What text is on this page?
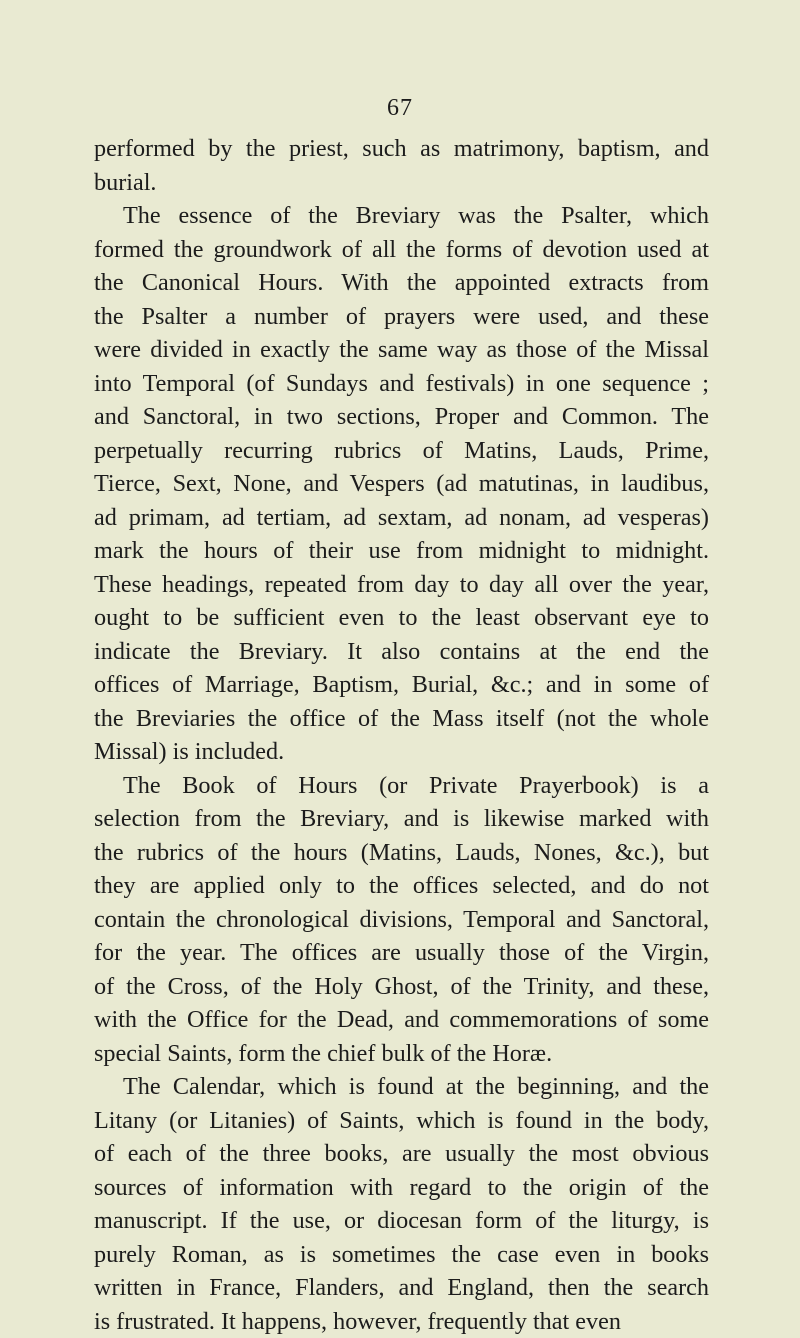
67
performed by the priest, such as matrimony, baptism, and
burial.
The essence of the Breviary was the Psalter, which
formed the groundwork of all the forms of devotion used at
the Canonical Hours. With the appointed extracts from
the Psalter a number of prayers were used, and these
were divided in exactly the same way as those of the Missal
into Temporal (of Sundays and festivals) in one sequence ;
and Sanctoral, in two sections, Proper and Common. The
perpetually recurring rubrics of Matins, Lauds, Prime,
Tierce, Sext, None, and Vespers (ad matutinas, in laudibus,
ad primam, ad tertiam, ad sextam, ad nonam, ad vesperas)
mark the hours of their use from midnight to midnight.
These headings, repeated from day to day all over the year,
ought to be sufficient even to the least observant eye to
indicate the Breviary. It also contains at the end the
offices of Marriage, Baptism, Burial, &c.; and in some of
the Breviaries the office of the Mass itself (not the whole
Missal) is included.
The Book of Hours (or Private Prayerbook) is a
selection from the Breviary, and is likewise marked with
the rubrics of the hours (Matins, Lauds, Nones, &c.), but
they are applied only to the offices selected, and do not
contain the chronological divisions, Temporal and Sanctoral,
for the year. The offices are usually those of the Virgin,
of the Cross, of the Holy Ghost, of the Trinity, and these,
with the Office for the Dead, and commemorations of some
special Saints, form the chief bulk of the Horæ.
The Calendar, which is found at the beginning, and the
Litany (or Litanies) of Saints, which is found in the body,
of each of the three books, are usually the most obvious
sources of information with regard to the origin of the
manuscript. If the use, or diocesan form of the liturgy, is
purely Roman, as is sometimes the case even in books
written in France, Flanders, and England, then the search
is frustrated. It happens, however, frequently that even
